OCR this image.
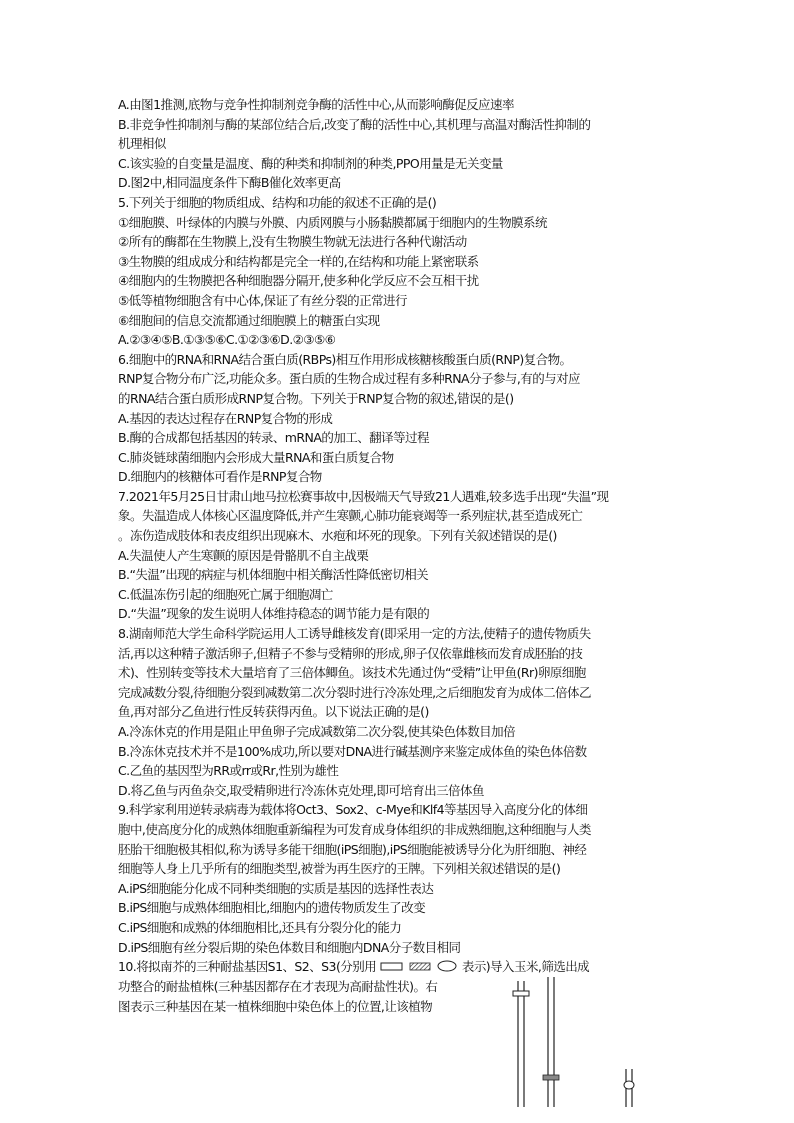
A.由图1推测,底物与竞争性抑制剂竞争酶的活性中心,从而影响酶促反应速率
B.非竞争性抑制剂与酶的某部位结合后,改变了酶的活性中心,其机理与高温对酶活性抑制的
机理相似
C.该实验的自变量是温度、酶的种类和抑制剂的种类,PPO用量是无关变量
D.图2中,相同温度条件下酶B催化效率更高
5.下列关于细胞的物质组成、结构和功能的叙述不正确的是()
①细胞膜、叶绿体的内膜与外膜、内质网膜与小肠黏膜都属于细胞内的生物膜系统
②所有的酶都在生物膜上,没有生物膜生物就无法进行各种代谢活动
③生物膜的组成成分和结构都是完全一样的,在结构和功能上紧密联系
④细胞内的生物膜把各种细胞器分隔开,使多种化学反应不会互相干扰
⑤低等植物细胞含有中心体,保证了有丝分裂的正常进行
⑥细胞间的信息交流都通过细胞膜上的糖蛋白实现
A.②③④⑤B.①③⑤⑥C.①②③⑥D.②③⑤⑥
6.细胞中的RNA和RNA结合蛋白质(RBPs)相互作用形成核糖核酸蛋白质(RNP)复合物。
RNP复合物分布广泛,功能众多。蛋白质的生物合成过程有多种RNA分子参与,有的与对应
的RNA结合蛋白质形成RNP复合物。下列关于RNP复合物的叙述,错误的是()
A.基因的表达过程存在RNP复合物的形成
B.酶的合成都包括基因的转录、mRNA的加工、翻译等过程
C.肺炎链球菌细胞内会形成大量RNA和蛋白质复合物
D.细胞内的核糖体可看作是RNP复合物
7.2021年5月25日甘肃山地马拉松赛事故中,因极端天气导致21人遇难,较多选手出现“失温”现
象。失温造成人体核心区温度降低,并产生寒颤,心肺功能衰竭等一系列症状,甚至造成死亡
。冻伤造成肢体和表皮组织出现麻木、水疱和坏死的现象。下列有关叙述错误的是()
A.失温使人产生寒颤的原因是骨骼肌不自主战栗
B.“失温”出现的病症与机体细胞中相关酶活性降低密切相关
C.低温冻伤引起的细胞死亡属于细胞凋亡
D.“失温”现象的发生说明人体维持稳态的调节能力是有限的
8.湖南师范大学生命科学院运用人工诱导雌核发育(即采用一定的方法,使精子的遗传物质失
活,再以这种精子激活卵子,但精子不参与受精卵的形成,卵子仅依靠雌核而发育成胚胎的技
术)、性别转变等技术大量培育了三倍体鲫鱼。该技术先通过伪“受精”让甲鱼(Rr)卵原细胞
完成减数分裂,待细胞分裂到减数第二次分裂时进行冷冻处理,之后细胞发育为成体二倍体乙
鱼,再对部分乙鱼进行性反转获得丙鱼。以下说法正确的是()
A.冷冻休克的作用是阻止甲鱼卵子完成减数第二次分裂,使其染色体数目加倍
B.冷冻休克技术并不是100%成功,所以要对DNA进行碱基测序来鉴定成体鱼的染色体倍数
C.乙鱼的基因型为RR或rr或Rr,性别为雄性
D.将乙鱼与丙鱼杂交,取受精卵进行冷冻休克处理,即可培育出三倍体鱼
9.科学家利用逆转录病毒为载体将Oct3、Sox2、c-Mye和Klf4等基因导入高度分化的体细
胞中,使高度分化的成熟体细胞重新编程为可发育成身体组织的非成熟细胞,这种细胞与人类
胚胎干细胞极其相似,称为诱导多能干细胞(iPS细胞),iPS细胞能被诱导分化为肝细胞、神经
细胞等人身上几乎所有的细胞类型,被誉为再生医疗的王牌。下列相关叙述错误的是()
A.iPS细胞能分化成不同种类细胞的实质是基因的选择性表达
B.iPS细胞与成熟体细胞相比,细胞内的遗传物质发生了改变
C.iPS细胞和成熟的体细胞相比,还具有分裂分化的能力
D.iPS细胞有丝分裂后期的染色体数目和细胞内DNA分子数目相同
10.将拟南芥的三种耐盐基因S1、S2、S3(分别用	表示)导入玉米,筛选出成
功整合的耐盐植株(三种基因都存在才表现为高耐盐性状)。右
图表示三种基因在某一植株细胞中染色体上的位置,让该植物
